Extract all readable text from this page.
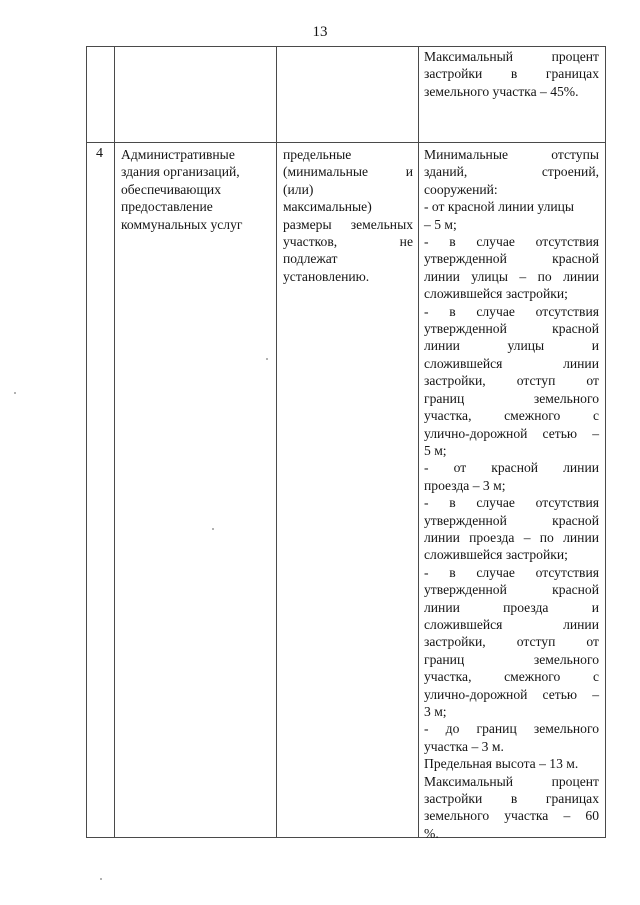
13
Максимальный процент
застройки в границах
земельного участка – 45%.
4 Административные
здания организаций,
обеспечивающих
предоставление
коммунальных услуг
предельные
(минимальные и
(или)
максимальные)
размеры земельных
участков, не
подлежат
установлению.
Минимальные отступы
зданий, строений,
сооружений:
- от красной линии улицы
– 5 м;
- в случае отсутствия
утвержденной красной
линии улицы – по линии
сложившейся застройки;
- в случае отсутствия
утвержденной красной
линии улицы и
сложившейся линии
застройки, отступ от
границ земельного
участка, смежного с
улично-дорожной сетью –
5 м;
- от красной линии
проезда – 3 м;
- в случае отсутствия
утвержденной красной
линии проезда – по линии
сложившейся застройки;
- в случае отсутствия
утвержденной красной
линии проезда и
сложившейся линии
застройки, отступ от
границ земельного
участка, смежного с
улично-дорожной сетью –
3 м;
- до границ земельного
участка – 3 м.
Предельная высота – 13 м.
Максимальный процент
застройки в границах
земельного участка – 60
%.
